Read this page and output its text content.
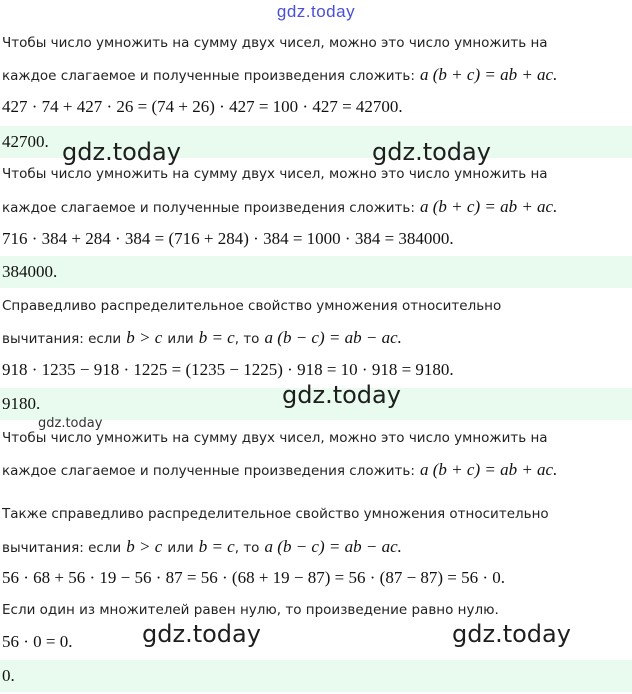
gdz.today
Чтобы число умножить на сумму двух чисел, можно это число умножить на
каждое слагаемое и полученные произведения сложить: a (b + c) = ab + ac.
427 · 74 + 427 · 26 = (74 + 26) · 427 = 100 · 427 = 42700.
42700.
Чтобы число умножить на сумму двух чисел, можно это число умножить на
каждое слагаемое и полученные произведения сложить: a (b + c) = ab + ac.
716 · 384 + 284 · 384 = (716 + 284) · 384 = 1000 · 384 = 384000.
384000.
Справедливо распределительное свойство умножения относительно
вычитания: если b > c или b = c, то a (b − c) = ab − ac.
918 · 1235 − 918 · 1225 = (1235 − 1225) · 918 = 10 · 918 = 9180.
9180.
Чтобы число умножить на сумму двух чисел, можно это число умножить на
каждое слагаемое и полученные произведения сложить: a (b + c) = ab + ac.
Также справедливо распределительное свойство умножения относительно
вычитания: если b > c или b = c, то a (b − c) = ab − ac.
56 · 68 + 56 · 19 − 56 · 87 = 56 · (68 + 19 − 87) = 56 · (87 − 87) = 56 · 0.
Если один из множителей равен нулю, то произведение равно нулю.
56 · 0 = 0.
0.
gdz.today	gdz.today
gdz.today
gdz.today
gdz.today	gdz.today
